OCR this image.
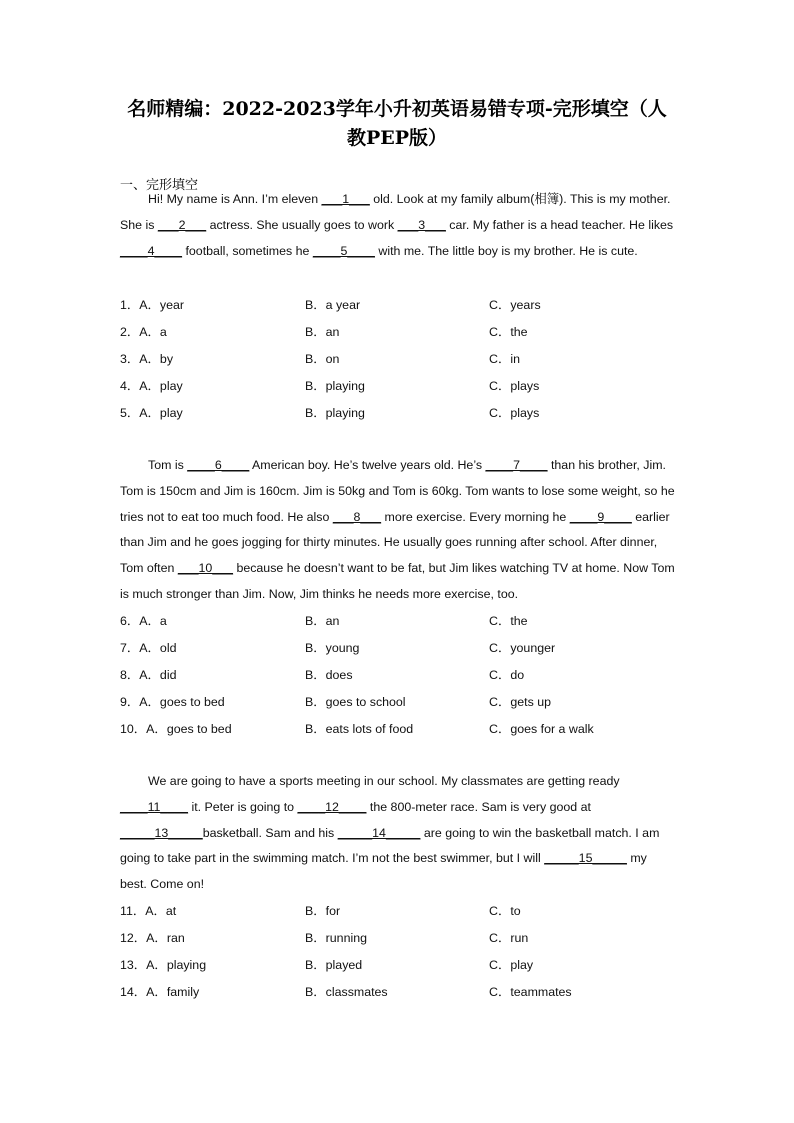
名师精编：2022-2023学年小升初英语易错专项-完形填空（人
教PEP版）
一、完形填空

Hi! My name is Ann. I’m eleven ___1___ old. Look at my family album(相簿). This is my mother. She is ___2___ actress. She usually goes to work ___3___ car. My father is a head teacher. He likes ____4____ football, sometimes he ____5____ with me. The little boy is my brother. He is cute.

1．A．year	B．a year	C．years
2．A．a	B．an	C．the
3．A．by	B．on	C．in
4．A．play	B．playing	C．plays
5．A．play	B．playing	C．plays

Tom is ____6____ American boy. He’s twelve years old. He’s ____7____ than his brother, Jim. Tom is 150cm and Jim is 160cm. Jim is 50kg and Tom is 60kg. Tom wants to lose some weight, so he tries not to eat too much food. He also ___8___ more exercise. Every morning he ____9____ earlier than Jim and he goes jogging for thirty minutes. He usually goes running after school. After dinner, Tom often ___10___ because he doesn’t want to be fat, but Jim likes watching TV at home. Now Tom is much stronger than Jim. Now, Jim thinks he needs more exercise, too.

6．A．a	B．an	C．the
7．A．old	B．young	C．younger
8．A．did	B．does	C．do
9．A．goes to bed	B．goes to school	C．gets up
10．A．goes to bed	B．eats lots of food	C．goes for a walk

We are going to have a sports meeting in our school. My classmates are getting ready ____11____ it. Peter is going to ____12____ the 800-meter race. Sam is very good at _____13_____basketball. Sam and his _____14_____ are going to win the basketball match. I am going to take part in the swimming match. I’m not the best swimmer, but I will _____15_____ my best. Come on!

11．A．at	B．for	C．to
12．A．ran	B．running	C．run
13．A．playing	B．played	C．play
14．A．family	B．classmates	C．teammates
